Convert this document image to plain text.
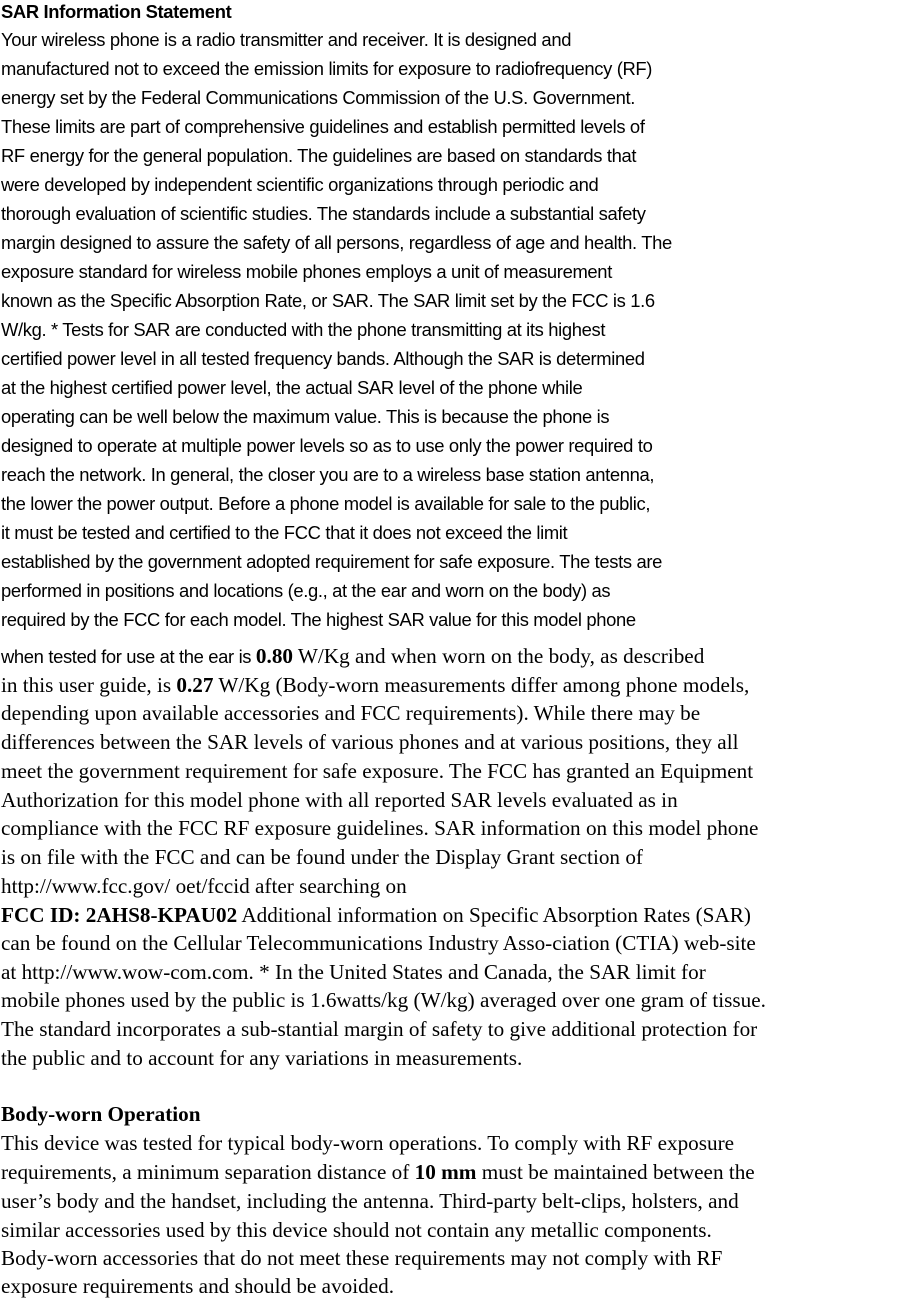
SAR Information Statement
Your wireless phone is a radio transmitter and receiver. It is designed and
manufactured not to exceed the emission limits for exposure to radiofrequency (RF)
energy set by the Federal Communications Commission of the U.S. Government.
These limits are part of comprehensive guidelines and establish permitted levels of
RF energy for the general population. The guidelines are based on standards that
were developed by independent scientific organizations through periodic and
thorough evaluation of scientific studies. The standards include a substantial safety
margin designed to assure the safety of all persons, regardless of age and health. The
exposure standard for wireless mobile phones employs a unit of measurement
known as the Specific Absorption Rate, or SAR. The SAR limit set by the FCC is 1.6
W/kg. * Tests for SAR are conducted with the phone transmitting at its highest
certified power level in all tested frequency bands. Although the SAR is determined
at the highest certified power level, the actual SAR level of the phone while
operating can be well below the maximum value. This is because the phone is
designed to operate at multiple power levels so as to use only the power required to
reach the network. In general, the closer you are to a wireless base station antenna,
the lower the power output. Before a phone model is available for sale to the public,
it must be tested and certified to the FCC that it does not exceed the limit
established by the government adopted requirement for safe exposure. The tests are
performed in positions and locations (e.g., at the ear and worn on the body) as
required by the FCC for each model. The highest SAR value for this model phone
when tested for use at the ear is 0.80 W/Kg and when worn on the body, as described
in this user guide, is 0.27 W/Kg (Body-worn measurements differ among phone models,
depending upon available accessories and FCC requirements). While there may be
differences between the SAR levels of various phones and at various positions, they all
meet the government requirement for safe exposure. The FCC has granted an Equipment
Authorization for this model phone with all reported SAR levels evaluated as in
compliance with the FCC RF exposure guidelines. SAR information on this model phone
is on file with the FCC and can be found under the Display Grant section of
http://www.fcc.gov/ oet/fccid after searching on
FCC ID: 2AHS8-KPAU02 Additional information on Specific Absorption Rates (SAR)
can be found on the Cellular Telecommunications Industry Asso-ciation (CTIA) web-site
at http://www.wow-com.com. * In the United States and Canada, the SAR limit for
mobile phones used by the public is 1.6watts/kg (W/kg) averaged over one gram of tissue.
The standard incorporates a sub-stantial margin of safety to give additional protection for
the public and to account for any variations in measurements.
Body-worn Operation
This device was tested for typical body-worn operations. To comply with RF exposure
requirements, a minimum separation distance of 10 mm must be maintained between the
user’s body and the handset, including the antenna. Third-party belt-clips, holsters, and
similar accessories used by this device should not contain any metallic components.
Body-worn accessories that do not meet these requirements may not comply with RF
exposure requirements and should be avoided.
